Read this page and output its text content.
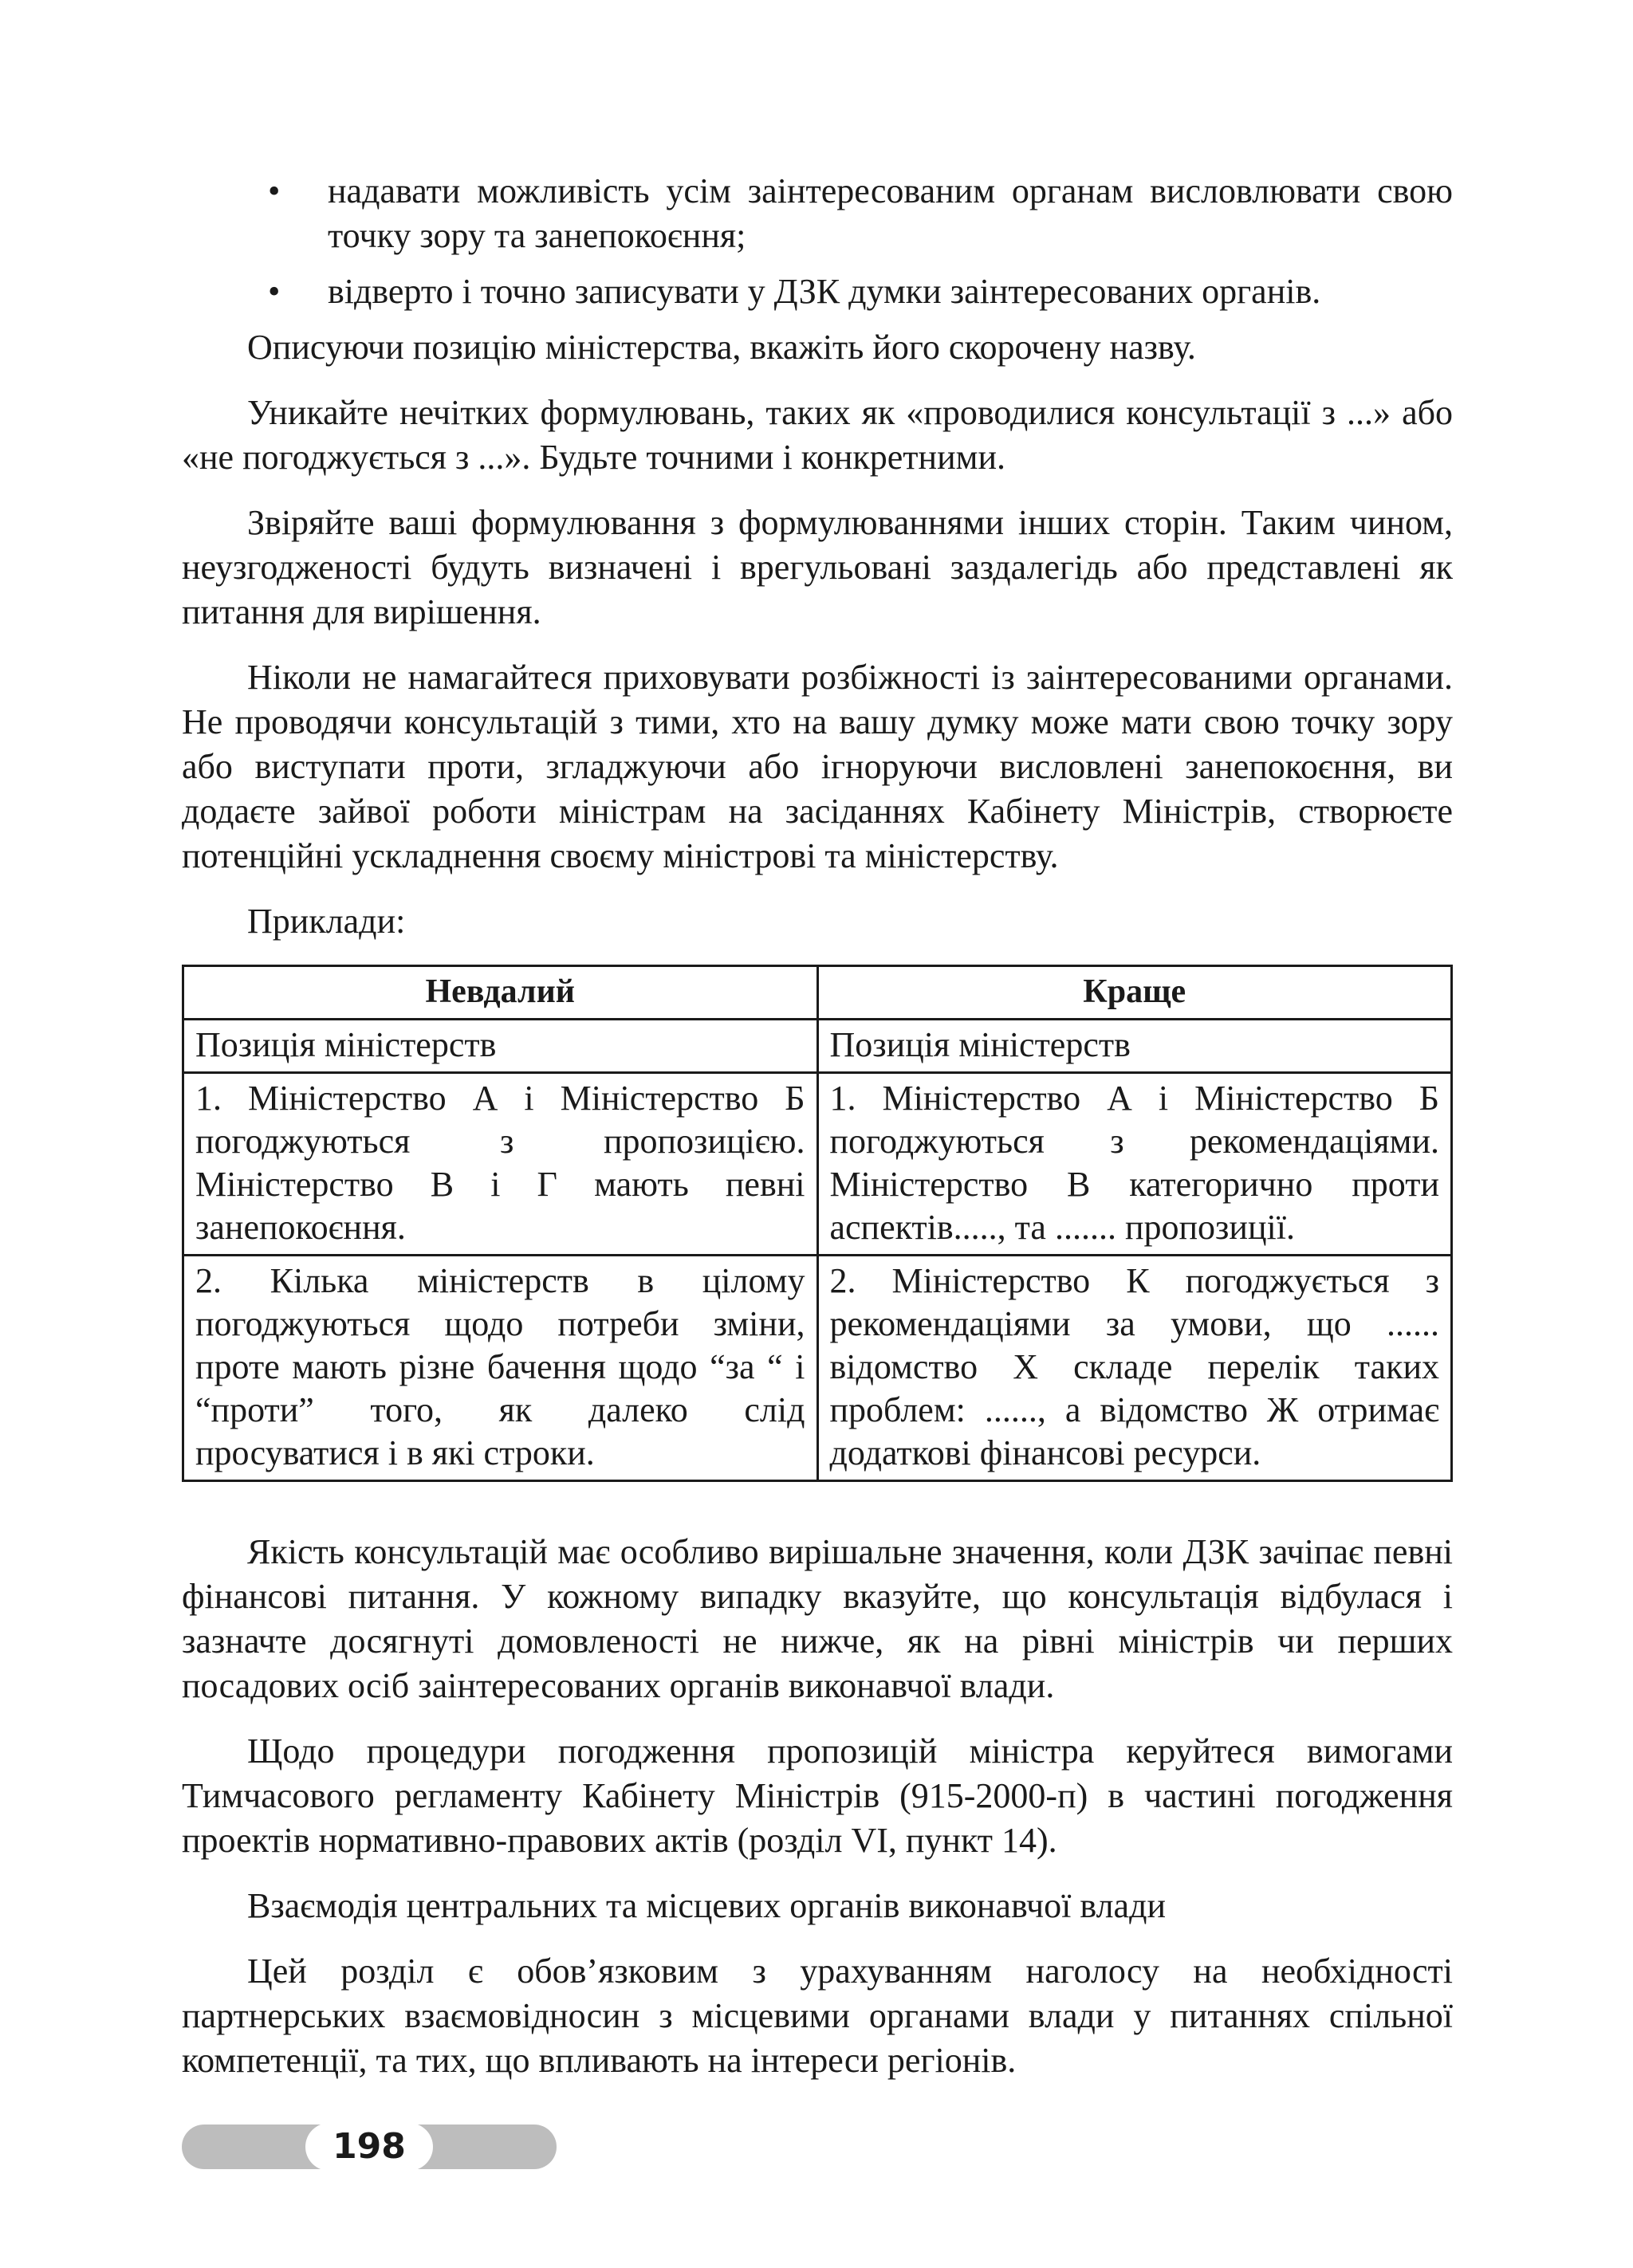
• надавати можливість усім заінтересованим органам висловлювати свою точку зору та занепокоєння;
• відверто і точно записувати у ДЗК думки заінтересованих органів.

Описуючи позицію міністерства, вкажіть його скорочену назву.

Уникайте нечітких формулювань, таких як «проводилися консультації з ...» або «не погоджується з ...». Будьте точними і конкретними.

Звіряйте ваші формулювання з формулюваннями інших сторін. Таким чином, неузгодженості будуть визначені і врегульовані заздалегідь або представлені як питання для вирішення.

Ніколи не намагайтеся приховувати розбіжності із заінтересованими органами. Не проводячи консультацій з тими, хто на вашу думку може мати свою точку зору або виступати проти, згладжуючи або ігноруючи висловлені занепокоєння, ви додаєте зайвої роботи міністрам на засіданнях Кабінету Міністрів, створюєте потенційні ускладнення своєму міністрові та міністерству.

Приклади:

Невдалий	Краще
Позиція міністерств	Позиція міністерств
1. Міністерство А і Міністерство Б погоджуються з пропозицією. Міністерство В і Г мають певні занепокоєння.	1. Міністерство А і Міністерство Б погоджуються з рекомендаціями. Міністерство В категорично проти аспектів....., та ....... пропозиції.
2. Кілька міністерств в цілому погоджуються щодо потреби зміни, проте мають різне бачення щодо “за “ і “проти” того, як далеко слід просуватися і в які строки.	2. Міністерство К погоджується з рекомендаціями за умови, що ...... відомство Х складе перелік таких проблем: ......, а відомство Ж отримає додаткові фінансові ресурси.

Якість консультацій має особливо вирішальне значення, коли ДЗК зачіпає певні фінансові питання. У кожному випадку вказуйте, що консультація відбулася і зазначте досягнуті домовленості не нижче, як на рівні міністрів чи перших посадових осіб заінтересованих органів виконавчої влади.

Щодо процедури погодження пропозицій міністра керуйтеся вимогами Тимчасового регламенту Кабінету Міністрів (915-2000-п) в частині погодження проектів нормативно-правових актів (розділ VI, пункт 14).

Взаємодія центральних та місцевих органів виконавчої влади

Цей розділ є обов’язковим з урахуванням наголосу на необхідності партнерських взаємовідносин з місцевими органами влади у питаннях спільної компетенції, та тих, що впливають на інтереси регіонів.

198
